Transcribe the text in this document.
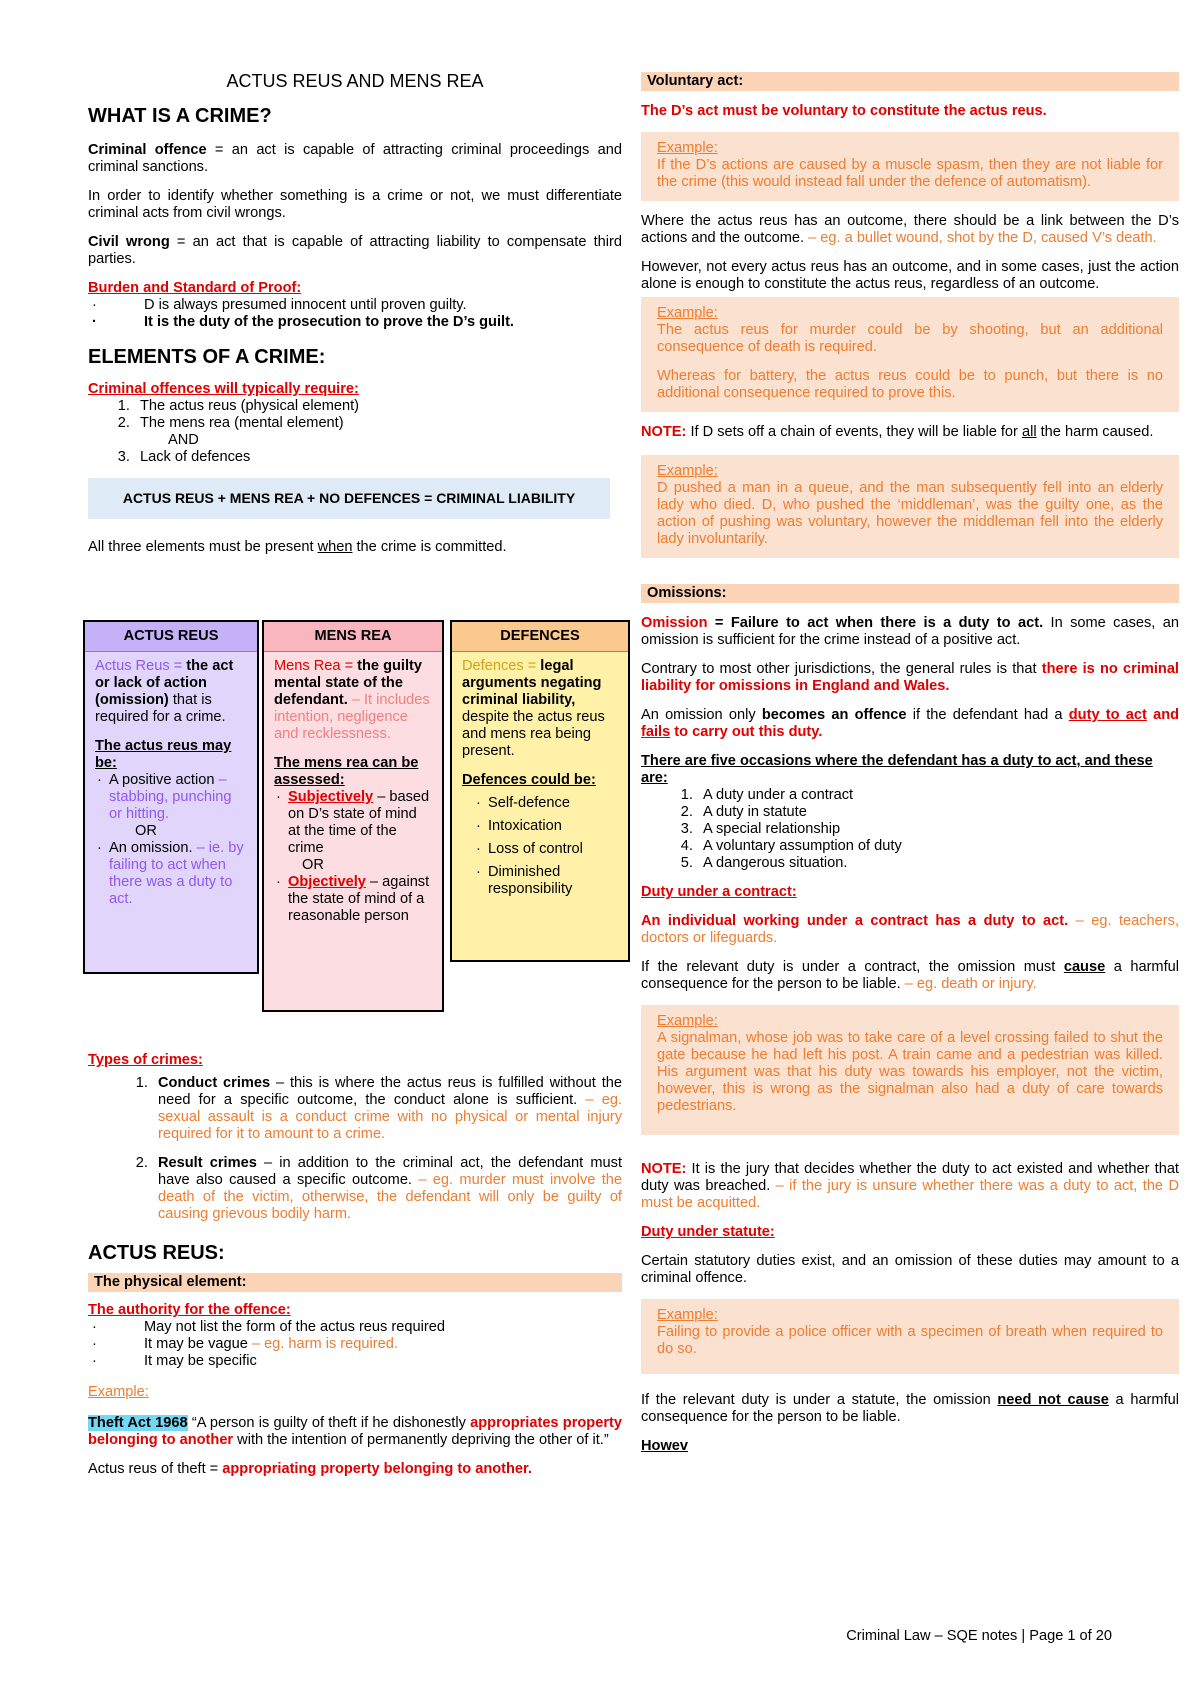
ACTUS REUS AND MENS REA
WHAT IS A CRIME?

Criminal offence = an act is capable of attracting criminal proceedings and criminal sanctions.

In order to identify whether something is a crime or not, we must differentiate criminal acts from civil wrongs.

Civil wrong = an act that is capable of attracting liability to compensate third parties.

Burden and Standard of Proof:

· D is always presumed innocent until proven guilty.
· It is the duty of the prosecution to prove the D’s guilt.
ELEMENTS OF A CRIME:

Criminal offences will typically require:

1. The actus reus (physical element)
2. The mens rea (mental element)
AND
3. Lack of defences
ACTUS REUS + MENS REA + NO DEFENCES = CRIMINAL LIABILITY

All three elements must be present when the crime is committed.

ACTUS REUS

Actus Reus = the act or lack of action (omission) that is required for a crime.

The actus reus may be:

· A positive action – stabbing, punching or hitting.
OR
· An omission. – ie. by failing to act when there was a duty to act.
MENS REA

Mens Rea = the guilty mental state of the defendant. – It includes intention, negligence and recklessness.

The mens rea can be assessed:

· Subjectively – based on D’s state of mind at the time of the crime
OR
· Objectively – against the state of mind of a reasonable person
DEFENCES

Defences = legal arguments negating criminal liability, despite the actus reus and mens rea being present.

Defences could be:

· Self-defence
· Intoxication
· Loss of control
· Diminished responsibility

Types of crimes:

1. Conduct crimes – this is where the actus reus is fulfilled without the need for a specific outcome, the conduct alone is sufficient. – eg. sexual assault is a conduct crime with no physical or mental injury required for it to amount to a crime.
2. Result crimes – in addition to the criminal act, the defendant must have also caused a specific outcome. – eg. murder must involve the death of the victim, otherwise, the defendant will only be guilty of causing grievous bodily harm.
ACTUS REUS:
The physical element:

The authority for the offence:

· May not list the form of the actus reus required
· It may be vague – eg. harm is required.
· It may be specific

Example:

Theft Act 1968 “A person is guilty of theft if he dishonestly appropriates property belonging to another with the intention of permanently depriving the other of it.”

Actus reus of theft = appropriating property belonging to another.

Voluntary act:

The D’s act must be voluntary to constitute the actus reus.

Example:

If the D’s actions are caused by a muscle spasm, then they are not liable for the crime (this would instead fall under the defence of automatism).

Where the actus reus has an outcome, there should be a link between the D’s actions and the outcome. – eg. a bullet wound, shot by the D, caused V’s death.

However, not every actus reus has an outcome, and in some cases, just the action alone is enough to constitute the actus reus, regardless of an outcome.

Example:

The actus reus for murder could be by shooting, but an additional consequence of death is required.

Whereas for battery, the actus reus could be to punch, but there is no additional consequence required to prove this.

NOTE: If D sets off a chain of events, they will be liable for all the harm caused.

Example:

D pushed a man in a queue, and the man subsequently fell into an elderly lady who died. D, who pushed the ‘middleman’, was the guilty one, as the action of pushing was voluntary, however the middleman fell into the elderly lady involuntarily.

Omissions:

Omission = Failure to act when there is a duty to act. In some cases, an omission is sufficient for the crime instead of a positive act.

Contrary to most other jurisdictions, the general rules is that there is no criminal liability for omissions in England and Wales.

An omission only becomes an offence if the defendant had a duty to act and fails to carry out this duty.

There are five occasions where the defendant has a duty to act, and these are:

1. A duty under a contract
2. A duty in statute
3. A special relationship
4. A voluntary assumption of duty
5. A dangerous situation.

Duty under a contract:

An individual working under a contract has a duty to act. – eg. teachers, doctors or lifeguards.

If the relevant duty is under a contract, the omission must cause a harmful consequence for the person to be liable. – eg. death or injury.

Example:

A signalman, whose job was to take care of a level crossing failed to shut the gate because he had left his post. A train came and a pedestrian was killed. His argument was that his duty was towards his employer, not the victim, however, this is wrong as the signalman also had a duty of care towards pedestrians.

NOTE: It is the jury that decides whether the duty to act existed and whether that duty was breached. – if the jury is unsure whether there was a duty to act, the D must be acquitted.

Duty under statute:

Certain statutory duties exist, and an omission of these duties may amount to a criminal offence.

Example:

Failing to provide a police officer with a specimen of breath when required to do so.

If the relevant duty is under a statute, the omission need not cause a harmful consequence for the person to be liable.

Howev

Criminal Law – SQE notes | Page 1 of 20
